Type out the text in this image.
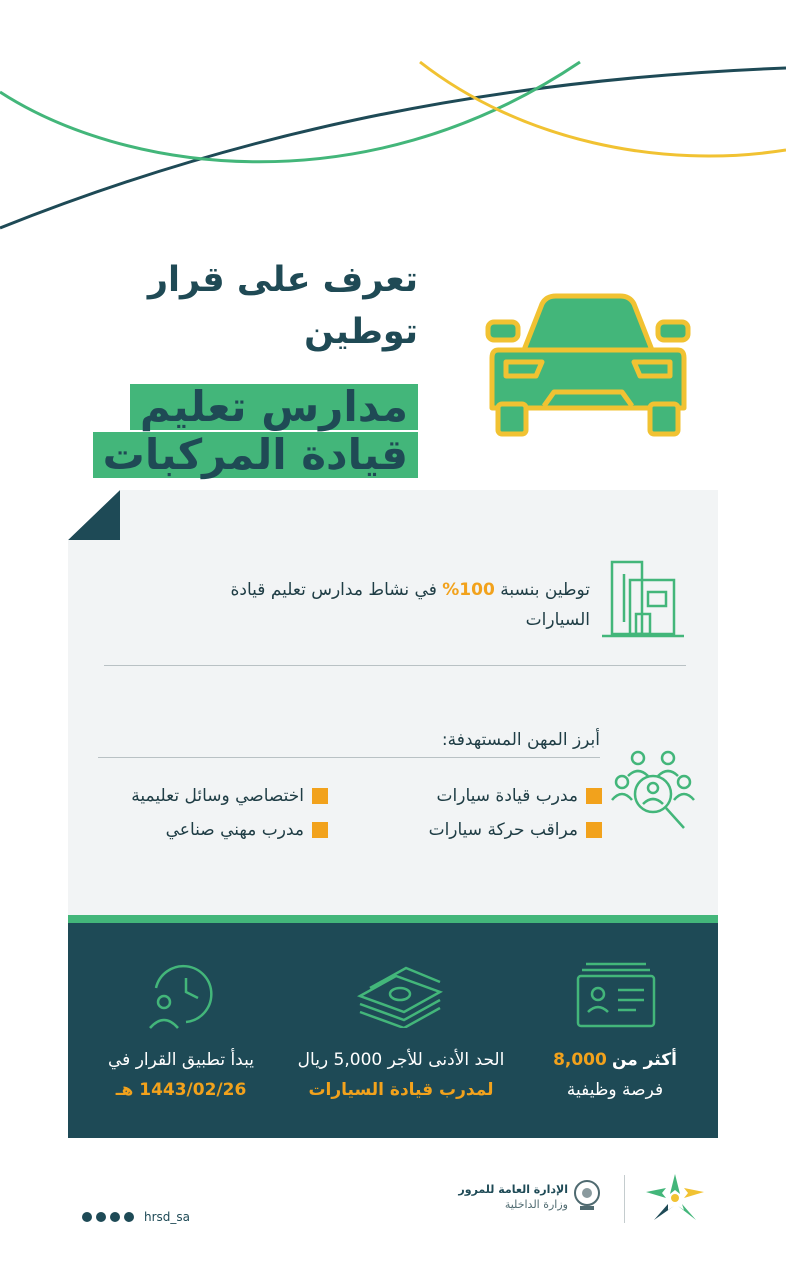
تعرف على قرار
توطين
مدارس تعليم
قيادة المركبات
توطين بنسبة 100% في نشاط مدارس تعليم قيادة
السيارات
أبرز المهن المستهدفة:
مدرب قيادة سيارات
مراقب حركة سيارات
اختصاصي وسائل تعليمية
مدرب مهني صناعي
أكثر من 8,000
فرصة وظيفية
الحد الأدنى للأجر 5,000 ريال
لمدرب قيادة السيارات
يبدأ تطبيق القرار في
1443/02/26 هـ
hrsd_sa
الإدارة العامة للمرور
وزارة الداخلية
